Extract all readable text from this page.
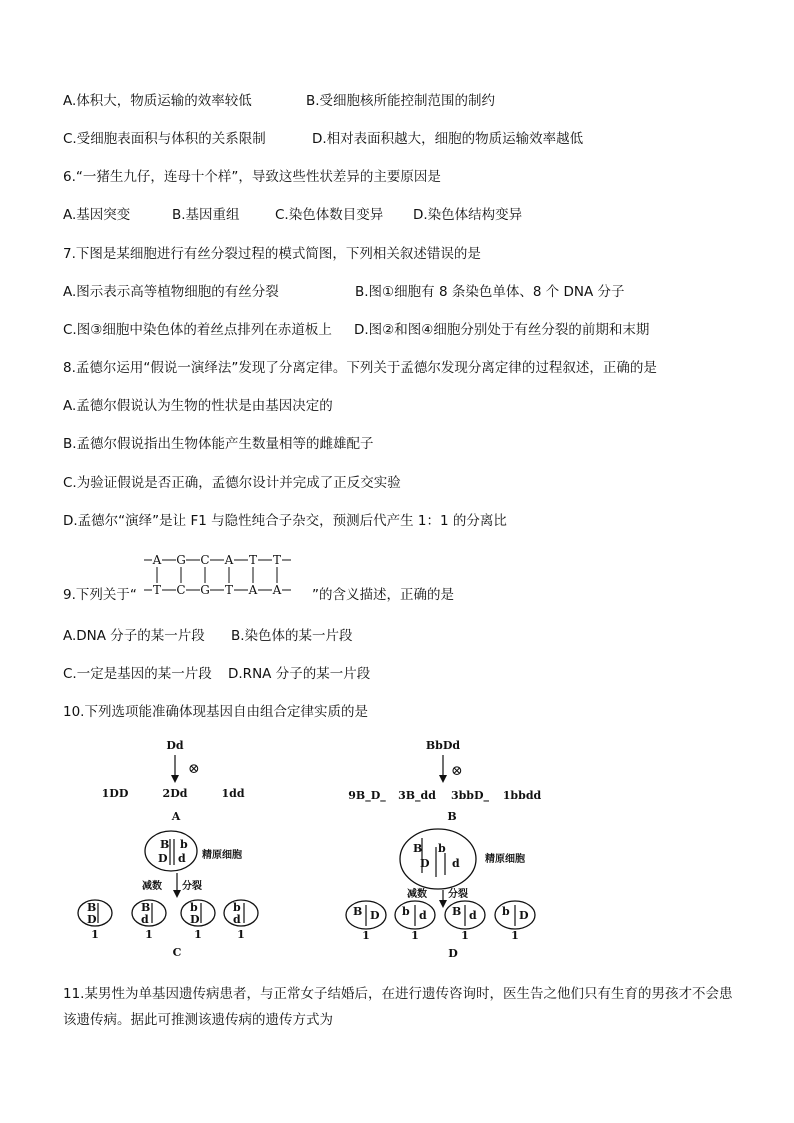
A.体积大，物质运输的效率较低	B.受细胞核所能控制范围的制约
C.受细胞表面积与体积的关系限制	D.相对表面积越大，细胞的物质运输效率越低
6.“一猪生九仔，连母十个样”，导致这些性状差异的主要原因是
A.基因突变	B.基因重组	C.染色体数目变异 D.染色体结构变异
7.下图是某细胞进行有丝分裂过程的模式简图，下列相关叙述错误的是
A.图示表示高等植物细胞的有丝分裂	B.图①细胞有 8 条染色单体、8 个 DNA 分子
C.图③细胞中染色体的着丝点排列在赤道板上 D.图②和图④细胞分别处于有丝分裂的前期和末期
8.孟德尔运用“假说一演绎法”发现了分离定律。下列关于孟德尔发现分离定律的过程叙述，正确的是
A.孟德尔假说认为生物的性状是由基因决定的
B.孟德尔假说指出生物体能产生数量相等的雌雄配子
C.为验证假说是否正确，孟德尔设计并完成了正反交实验
D.孟德尔“演绎”是让 F1 与隐性纯合子杂交，预测后代产生 1：1 的分离比
9.下列关于“
A
T
G
C
C
G
A
T
T
A
T
A ”的含义描述，正确的是
A.DNA 分子的某一片段 B.染色体的某一片段
C.一定是基因的某一片段 D.RNA 分子的某一片段
10.下列选项能准确体现基因自由组合定律实质的是
Dd
⊗
1DD	2Dd	1dd
A
BbDd
⊗
9B_D_ 3B_dd 3bbD_ 1bbdd
B
B b
D d 精原细胞
减数 分裂
B
D
1
B
d
1
b
D
1
b
d
1
C
B b
D d	精原细胞
减数 分裂
B D
1
b d
1
B d
1
b D
1
D
11.某男性为单基因遗传病患者，与正常女子结婚后，在进行遗传咨询时，医生告之他们只有生育的男孩才不会患该遗传病。据此可推测该遗传病的遗传方式为
